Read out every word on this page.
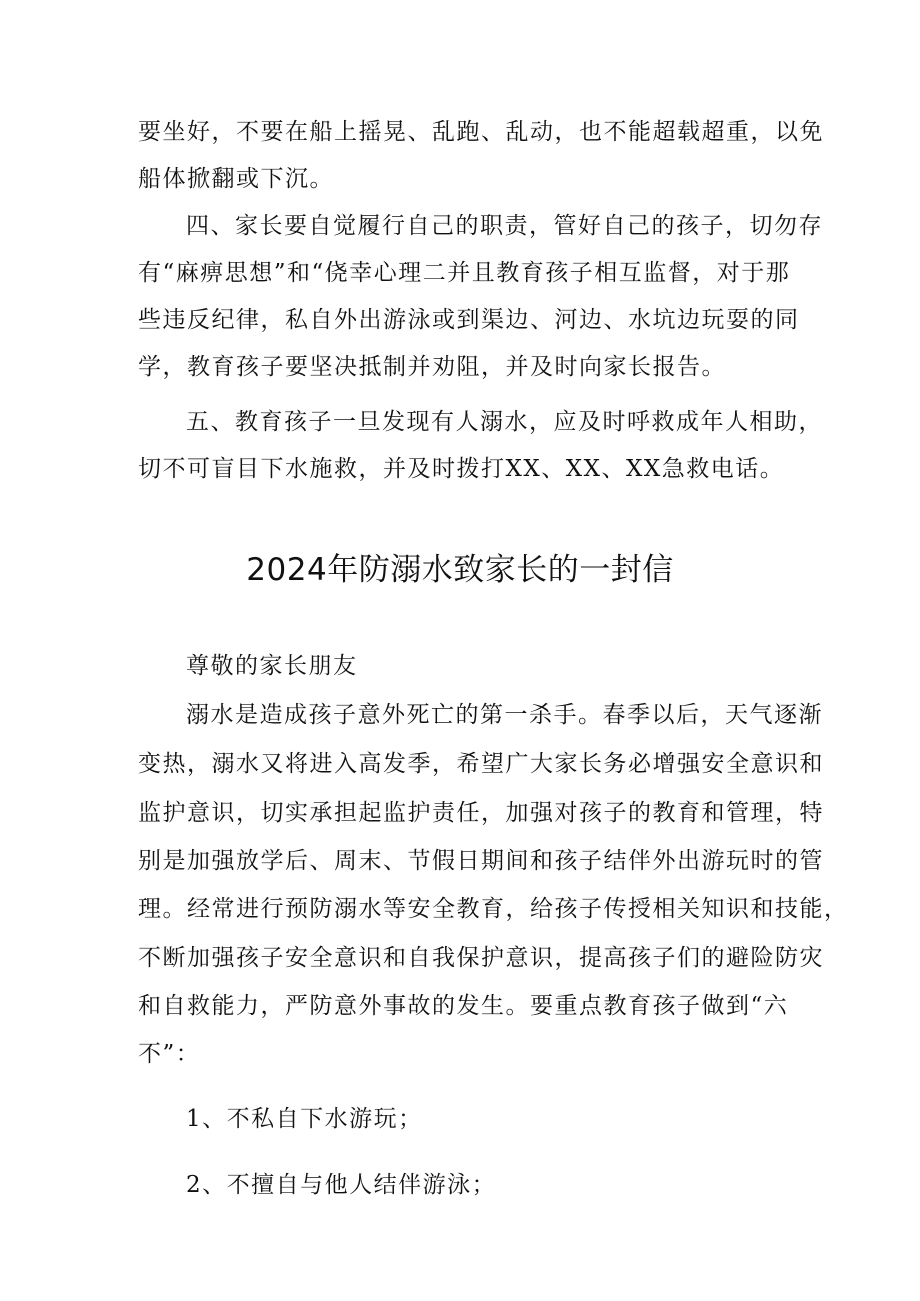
要坐好，不要在船上摇晃、乱跑、乱动，也不能超载超重，以免
船体掀翻或下沉。
四、家长要自觉履行自己的职责，管好自己的孩子，切勿存
有“麻痹思想”和“侥幸心理二并且教育孩子相互监督，对于那
些违反纪律，私自外出游泳或到渠边、河边、水坑边玩耍的同
学，教育孩子要坚决抵制并劝阻，并及时向家长报告。
五、教育孩子一旦发现有人溺水，应及时呼救成年人相助，
切不可盲目下水施救，并及时拨打XX、XX、XX急救电话。
2024年防溺水致家长的一封信
尊敬的家长朋友
溺水是造成孩子意外死亡的第一杀手。春季以后，天气逐渐
变热，溺水又将进入高发季，希望广大家长务必增强安全意识和
监护意识，切实承担起监护责任，加强对孩子的教育和管理，特
别是加强放学后、周末、节假日期间和孩子结伴外出游玩时的管
理。经常进行预防溺水等安全教育，给孩子传授相关知识和技能，
不断加强孩子安全意识和自我保护意识，提高孩子们的避险防灾
和自救能力，严防意外事故的发生。要重点教育孩子做到“六
不”：
1、不私自下水游玩；
2、不擅自与他人结伴游泳；
